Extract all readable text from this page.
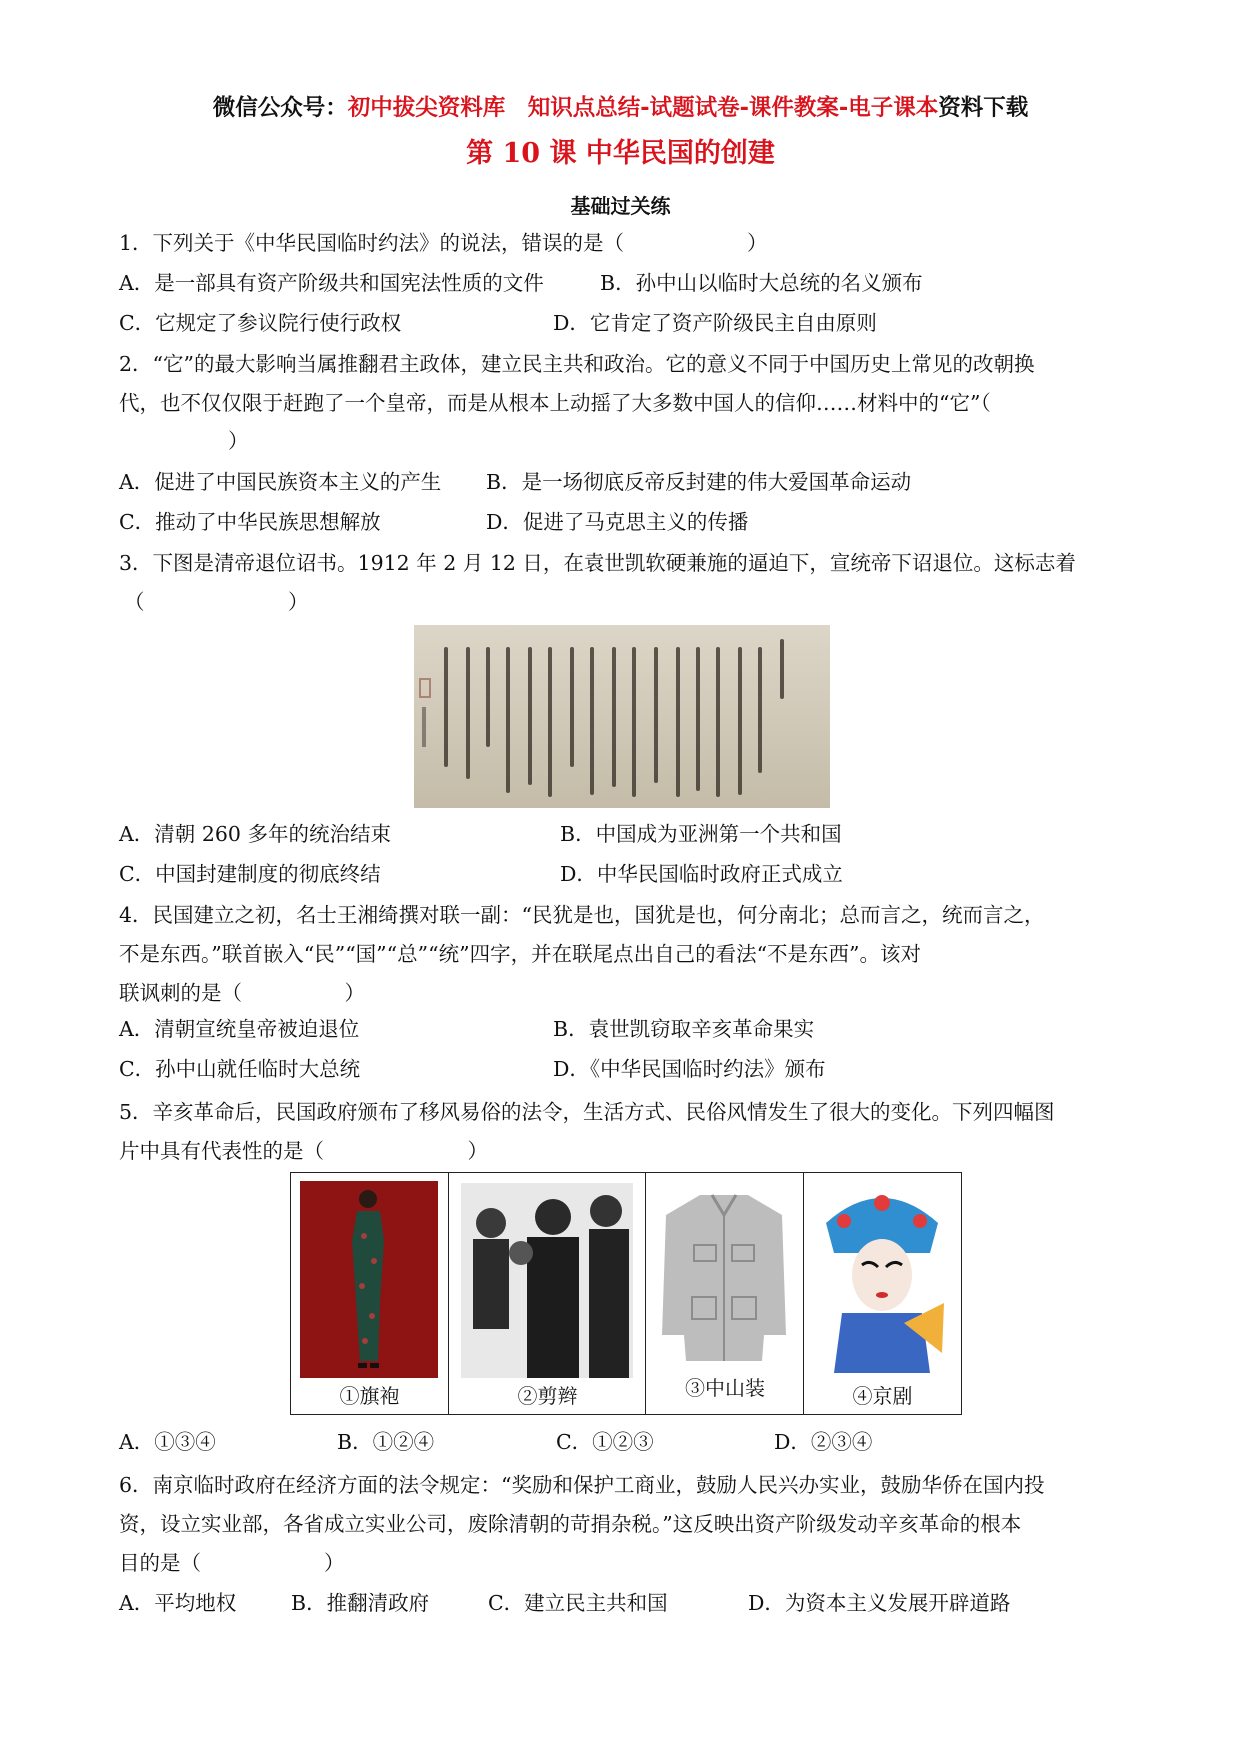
微信公众号：初中拔尖资料库　知识点总结-试题试卷-课件教案-电子课本资料下载
第 10 课 中华民国的创建
基础过关练
1．下列关于《中华民国临时约法》的说法，错误的是（　　　　　　）
A．是一部具有资产阶级共和国宪法性质的文件	B．孙中山以临时大总统的名义颁布
C．它规定了参议院行使行政权	D．它肯定了资产阶级民主自由原则
2．“它”的最大影响当属推翻君主政体，建立民主共和政治。它的意义不同于中国历史上常见的改朝换
代，也不仅仅限于赶跑了一个皇帝，而是从根本上动摇了大多数中国人的信仰……材料中的“它”（
）
A．促进了中国民族资本主义的产生 B．是一场彻底反帝反封建的伟大爱国革命运动
C．推动了中华民族思想解放	D．促进了马克思主义的传播
3．下图是清帝退位诏书。1912 年 2 月 12 日，在袁世凯软硬兼施的逼迫下，宣统帝下诏退位。这标志着
（　　　　　　　）
A．清朝 260 多年的统治结束	B．中国成为亚洲第一个共和国
C．中国封建制度的彻底终结	D．中华民国临时政府正式成立
4．民国建立之初，名士王湘绮撰对联一副：“民犹是也，国犹是也，何分南北；总而言之，统而言之，
不是东西。”联首嵌入“民”“国”“总”“统”四字，并在联尾点出自己的看法“不是东西”。该对
联讽刺的是（　　　　　）
A．清朝宣统皇帝被迫退位	B．袁世凯窃取辛亥革命果实
C．孙中山就任临时大总统	D．《中华民国临时约法》颁布
5．辛亥革命后，民国政府颁布了移风易俗的法令，生活方式、民俗风情发生了很大的变化。下列四幅图
片中具有代表性的是（　　　　　　　）
①旗袍	②剪辫	③中山装	④京剧
A．①③④	B．①②④	C．①②③	D．②③④
6．南京临时政府在经济方面的法令规定：“奖励和保护工商业，鼓励人民兴办实业，鼓励华侨在国内投
资，设立实业部，各省成立实业公司，废除清朝的苛捐杂税。”这反映出资产阶级发动辛亥革命的根本
目的是（　　　　　　）
A．平均地权	B．推翻清政府	C．建立民主共和国	D．为资本主义发展开辟道路
